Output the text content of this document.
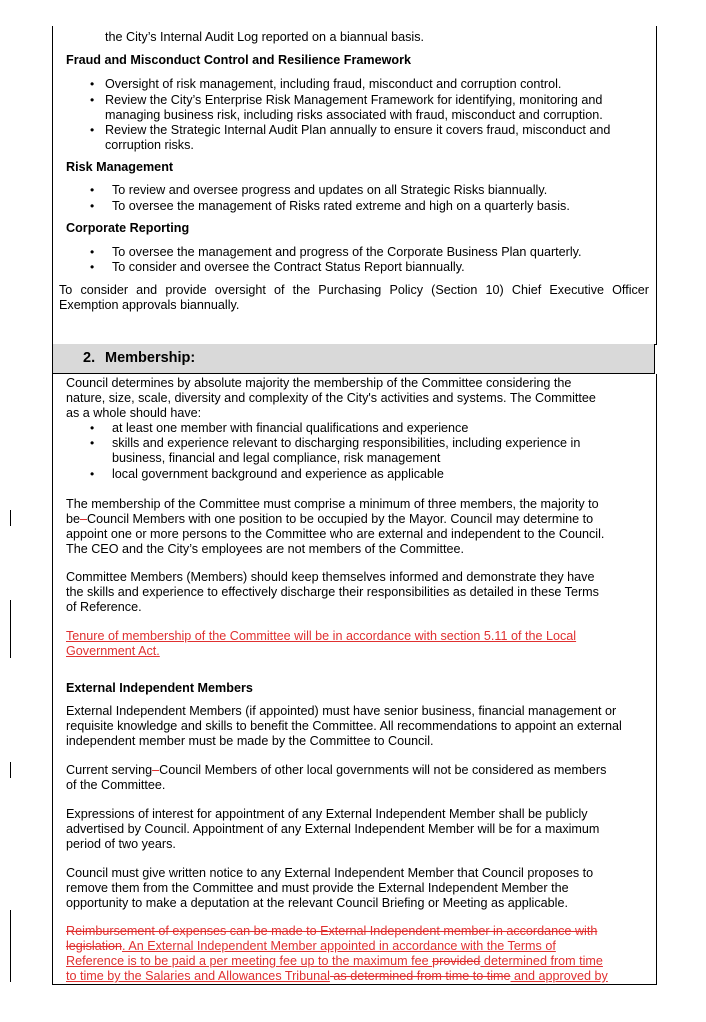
the City’s Internal Audit Log reported on a biannual basis.
Fraud and Misconduct Control and Resilience Framework
• Oversight of risk management, including fraud, misconduct and corruption control.
• Review the City’s Enterprise Risk Management Framework for identifying, monitoring and
managing business risk, including risks associated with fraud, misconduct and corruption.
• Review the Strategic Internal Audit Plan annually to ensure it covers fraud, misconduct and
corruption risks.
Risk Management
• To review and oversee progress and updates on all Strategic Risks biannually.
• To oversee the management of Risks rated extreme and high on a quarterly basis.
Corporate Reporting
• To oversee the management and progress of the Corporate Business Plan quarterly.
• To consider and oversee the Contract Status Report biannually.
To consider and provide oversight of the Purchasing Policy (Section 10) Chief Executive Officer
Exemption approvals biannually.
2. Membership:
Council determines by absolute majority the membership of the Committee considering the
nature, size, scale, diversity and complexity of the City's activities and systems. The Committee
as a whole should have:
• at least one member with financial qualifications and experience
• skills and experience relevant to discharging responsibilities, including experience in
business, financial and legal compliance, risk management
• local government background and experience as applicable
The membership of the Committee must comprise a minimum of three members, the majority to
be Council Members with one position to be occupied by the Mayor. Council may determine to
appoint one or more persons to the Committee who are external and independent to the Council.
The CEO and the City’s employees are not members of the Committee.
Committee Members (Members) should keep themselves informed and demonstrate they have
the skills and experience to effectively discharge their responsibilities as detailed in these Terms
of Reference.
Tenure of membership of the Committee will be in accordance with section 5.11 of the Local
Government Act.
External Independent Members
External Independent Members (if appointed) must have senior business, financial management or
requisite knowledge and skills to benefit the Committee. All recommendations to appoint an external
independent member must be made by the Committee to Council.
Current serving Council Members of other local governments will not be considered as members
of the Committee.
Expressions of interest for appointment of any External Independent Member shall be publicly
advertised by Council. Appointment of any External Independent Member will be for a maximum
period of two years.
Council must give written notice to any External Independent Member that Council proposes to
remove them from the Committee and must provide the External Independent Member the
opportunity to make a deputation at the relevant Council Briefing or Meeting as applicable.
Reimbursement of expenses can be made to External Independent member in accordance with
legislation. An External Independent Member appointed in accordance with the Terms of
Reference is to be paid a per meeting fee up to the maximum fee provided determined from time
to time by the Salaries and Allowances Tribunal as determined from time to time and approved by
